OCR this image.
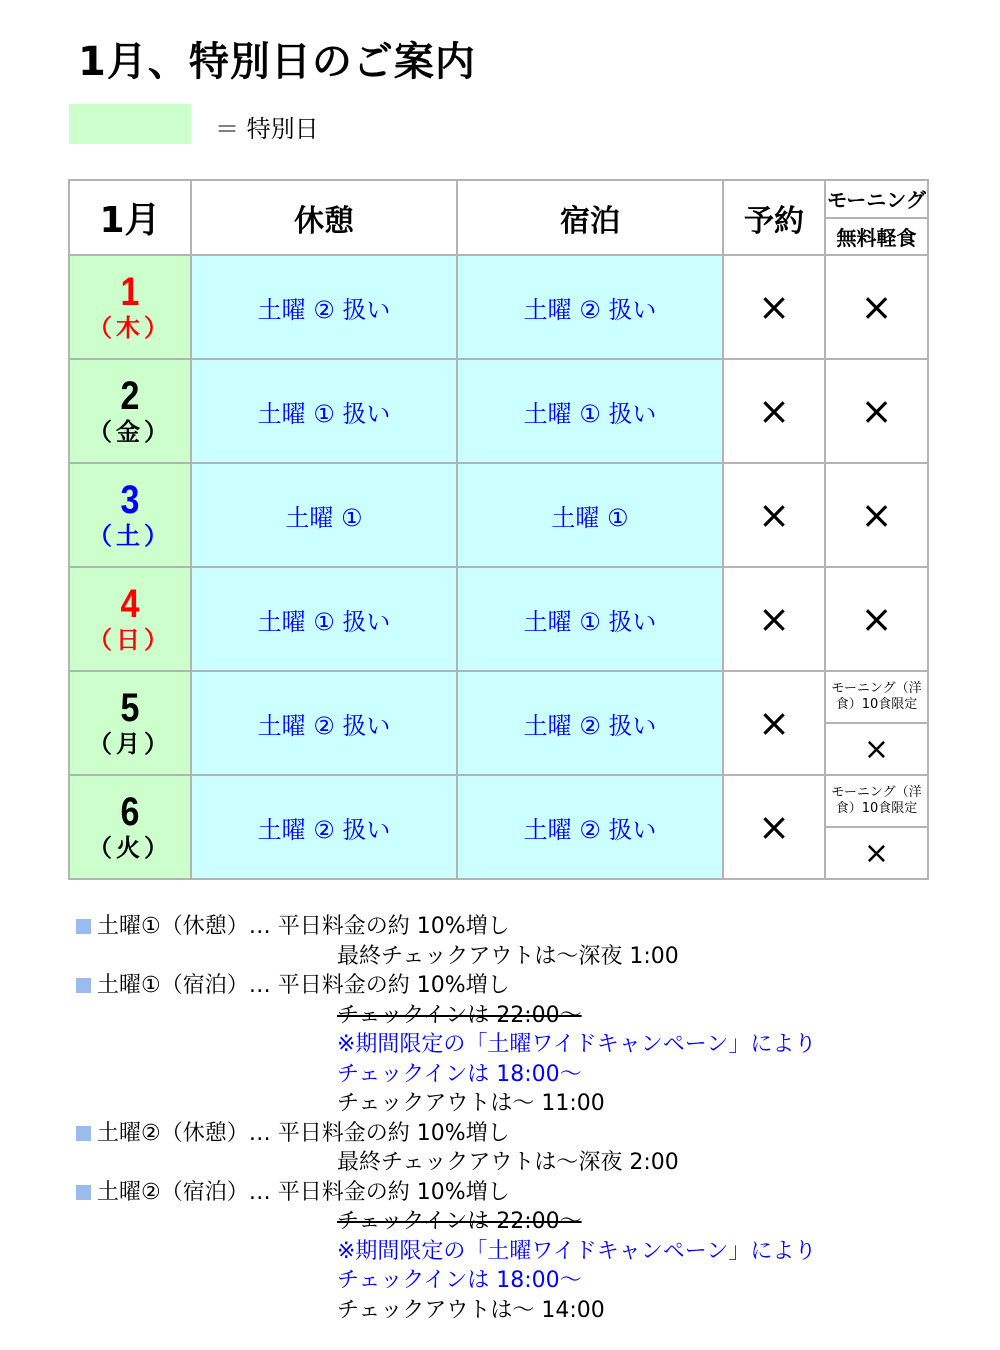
1月、特別日のご案内
＝ 特別日
1月	休憩	宿泊	予約	モーニング
				無料軽食

1
（木）	土曜 ② 扱い	土曜 ② 扱い	×	×

2
（金）	土曜 ① 扱い	土曜 ① 扱い	×	×

3
（土）	土曜 ①	土曜 ①	×	×

4
（日）	土曜 ① 扱い	土曜 ① 扱い	×	×

5
（月）	土曜 ② 扱い	土曜 ② 扱い	×	モーニング（洋食）10食限定
				×

6
（火）	土曜 ② 扱い	土曜 ② 扱い	×	モーニング（洋食）10食限定
				×
土曜①（休憩）… 平日料金の約 10%増し
最終チェックアウトは～深夜 1:00
土曜①（宿泊）… 平日料金の約 10%増し
チェックインは 22:00～
※期間限定の「土曜ワイドキャンペーン」により
チェックインは 18:00～
チェックアウトは～ 11:00
土曜②（休憩）… 平日料金の約 10%増し
最終チェックアウトは～深夜 2:00
土曜②（宿泊）… 平日料金の約 10%増し
チェックインは 22:00～
※期間限定の「土曜ワイドキャンペーン」により
チェックインは 18:00～
チェックアウトは～ 14:00
